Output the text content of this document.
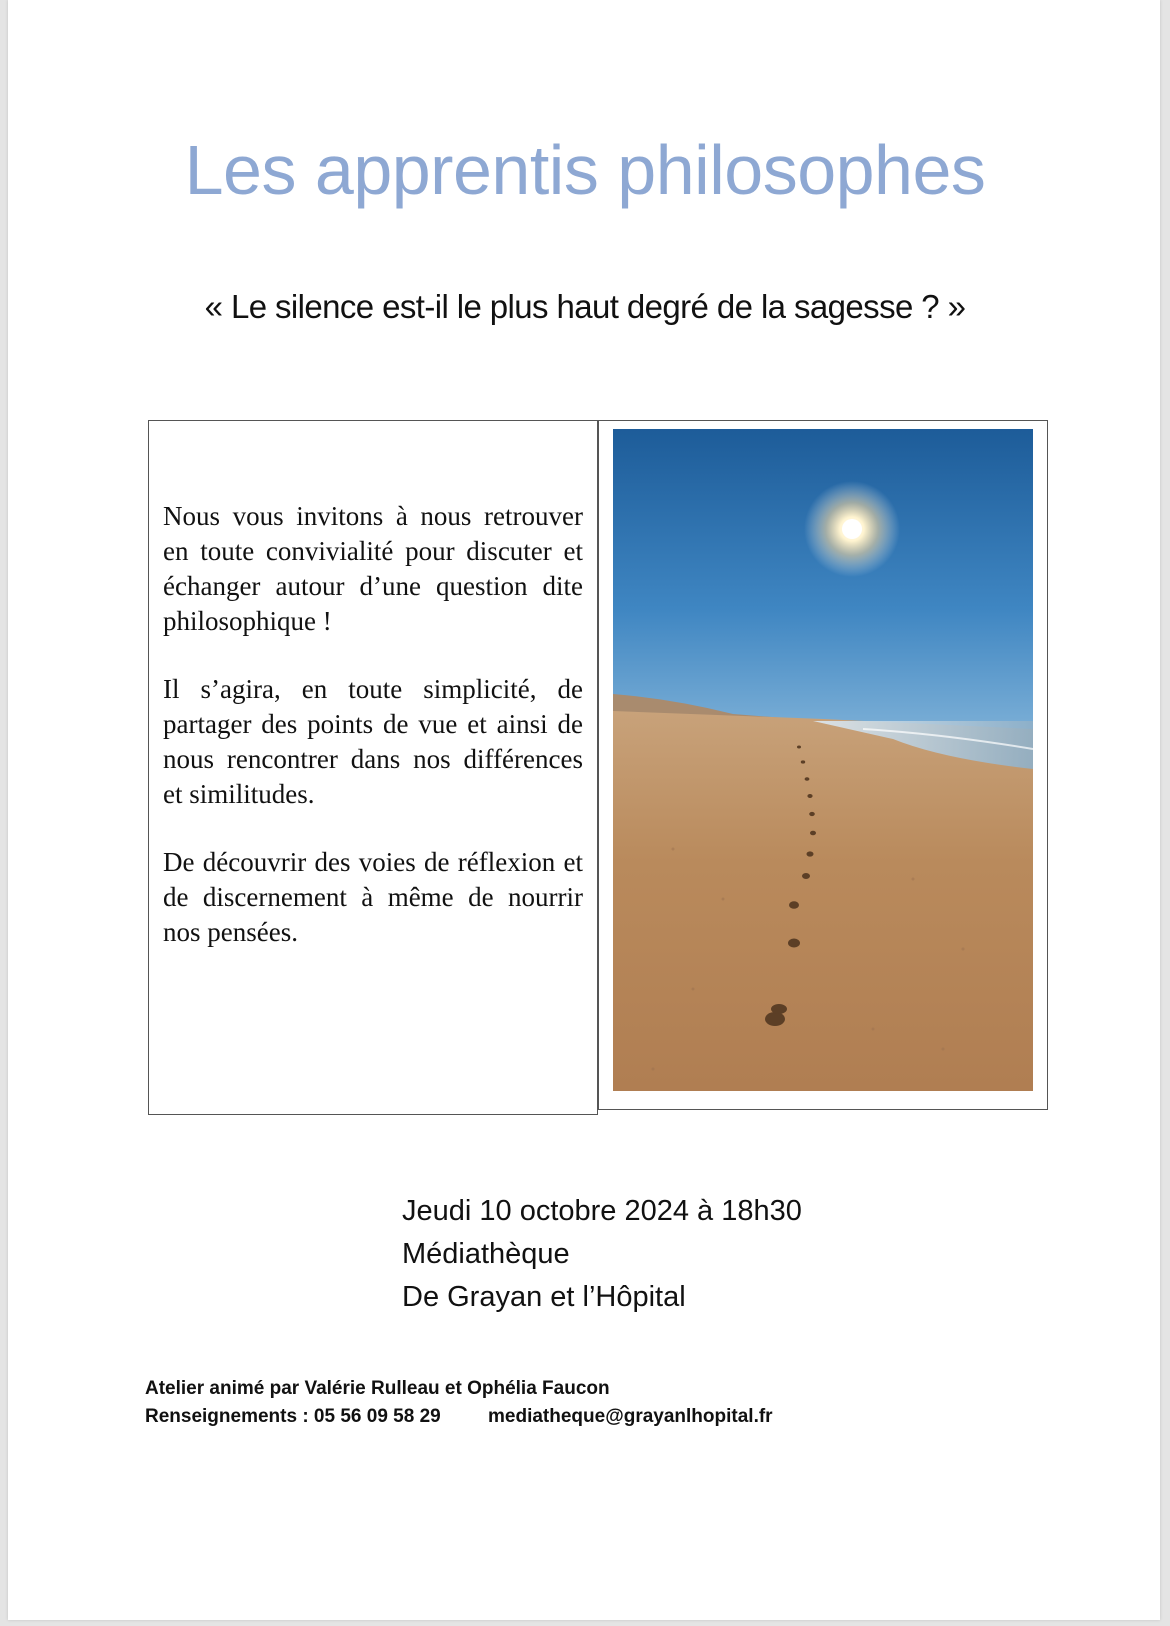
Les apprentis philosophes
« Le silence est-il le plus haut degré de la sagesse ? »

Nous vous invitons à nous retrouver en toute convivialité pour discuter et échanger autour d’une question dite philosophique !

Il s’agira, en toute simplicité, de partager des points de vue et ainsi de nous rencontrer dans nos différences et similitudes.

De découvrir des voies de réflexion et de discernement à même de nourrir nos pensées.

Jeudi 10 octobre 2024 à 18h30
Médiathèque
De Grayan et l’Hôpital
Atelier animé par Valérie Rulleau et Ophélia Faucon
Renseignements : 05 56 09 58 29 mediatheque@grayanlhopital.fr
